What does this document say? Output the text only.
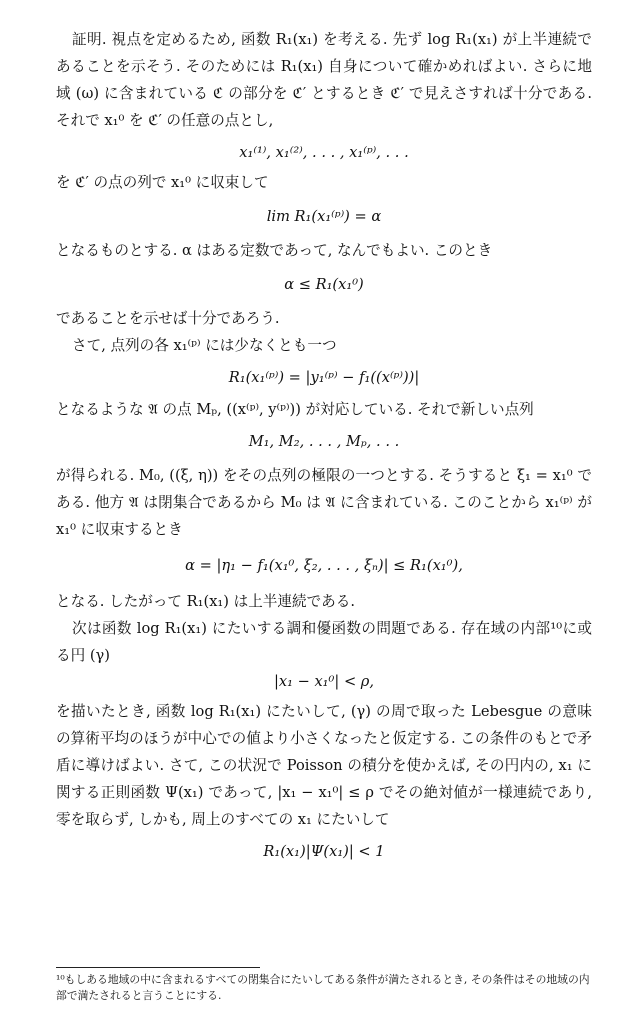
証明. 視点を定めるため, 函数 R₁(x₁) を考える. 先ず log R₁(x₁) が上半連続であることを示そう. そのためには R₁(x₁) 自身について確かめればよい. さらに地域 (ω) に含まれている ℭ の部分を ℭ′ とするとき ℭ′ で見えさすれば十分である. それで x₁⁰ を ℭ′ の任意の点とし,

x₁⁽¹⁾, x₁⁽²⁾, . . . , x₁⁽ᵖ⁾, . . .

を ℭ′ の点の列で x₁⁰ に収束して

lim R₁(x₁⁽ᵖ⁾) = α

となるものとする. α はある定数であって, なんでもよい. このとき

α ≤ R₁(x₁⁰)

であることを示せば十分であろう.

さて, 点列の各 x₁⁽ᵖ⁾ には少なくとも一つ

R₁(x₁⁽ᵖ⁾) = |y₁⁽ᵖ⁾ − f₁((x⁽ᵖ⁾))|

となるような 𝔄 の点 Mₚ, ((x⁽ᵖ⁾, y⁽ᵖ⁾)) が対応している. それで新しい点列

M₁, M₂, . . . , Mₚ, . . .

が得られる. M₀, ((ξ, η)) をその点列の極限の一つとする. そうすると ξ₁ = x₁⁰ である. 他方 𝔄 は閉集合であるから M₀ は 𝔄 に含まれている. このことから x₁⁽ᵖ⁾ が x₁⁰ に収束するとき

α = |η₁ − f₁(x₁⁰, ξ₂, . . . , ξₙ)| ≤ R₁(x₁⁰),

となる. したがって R₁(x₁) は上半連続である.

次は函数 log R₁(x₁) にたいする調和優函数の問題である. 存在域の内部¹⁰に或る円 (γ)

|x₁ − x₁⁰| < ρ,

を描いたとき, 函数 log R₁(x₁) にたいして, (γ) の周で取った Lebesgue の意味の算術平均のほうが中心での値より小さくなったと仮定する. この条件のもとで矛盾に導けばよい. さて, この状況で Poisson の積分を使かえば, その円内の, x₁ に関する正則函数 Ψ(x₁) であって, |x₁ − x₁⁰| ≤ ρ でその絶対値が一様連続であり, 零を取らず, しかも, 周上のすべての x₁ にたいして

R₁(x₁)|Ψ(x₁)| < 1

¹⁰もしある地域の中に含まれるすべての閉集合にたいしてある条件が満たされるとき, その条件はその地域の内部で満たされると言うことにする.
